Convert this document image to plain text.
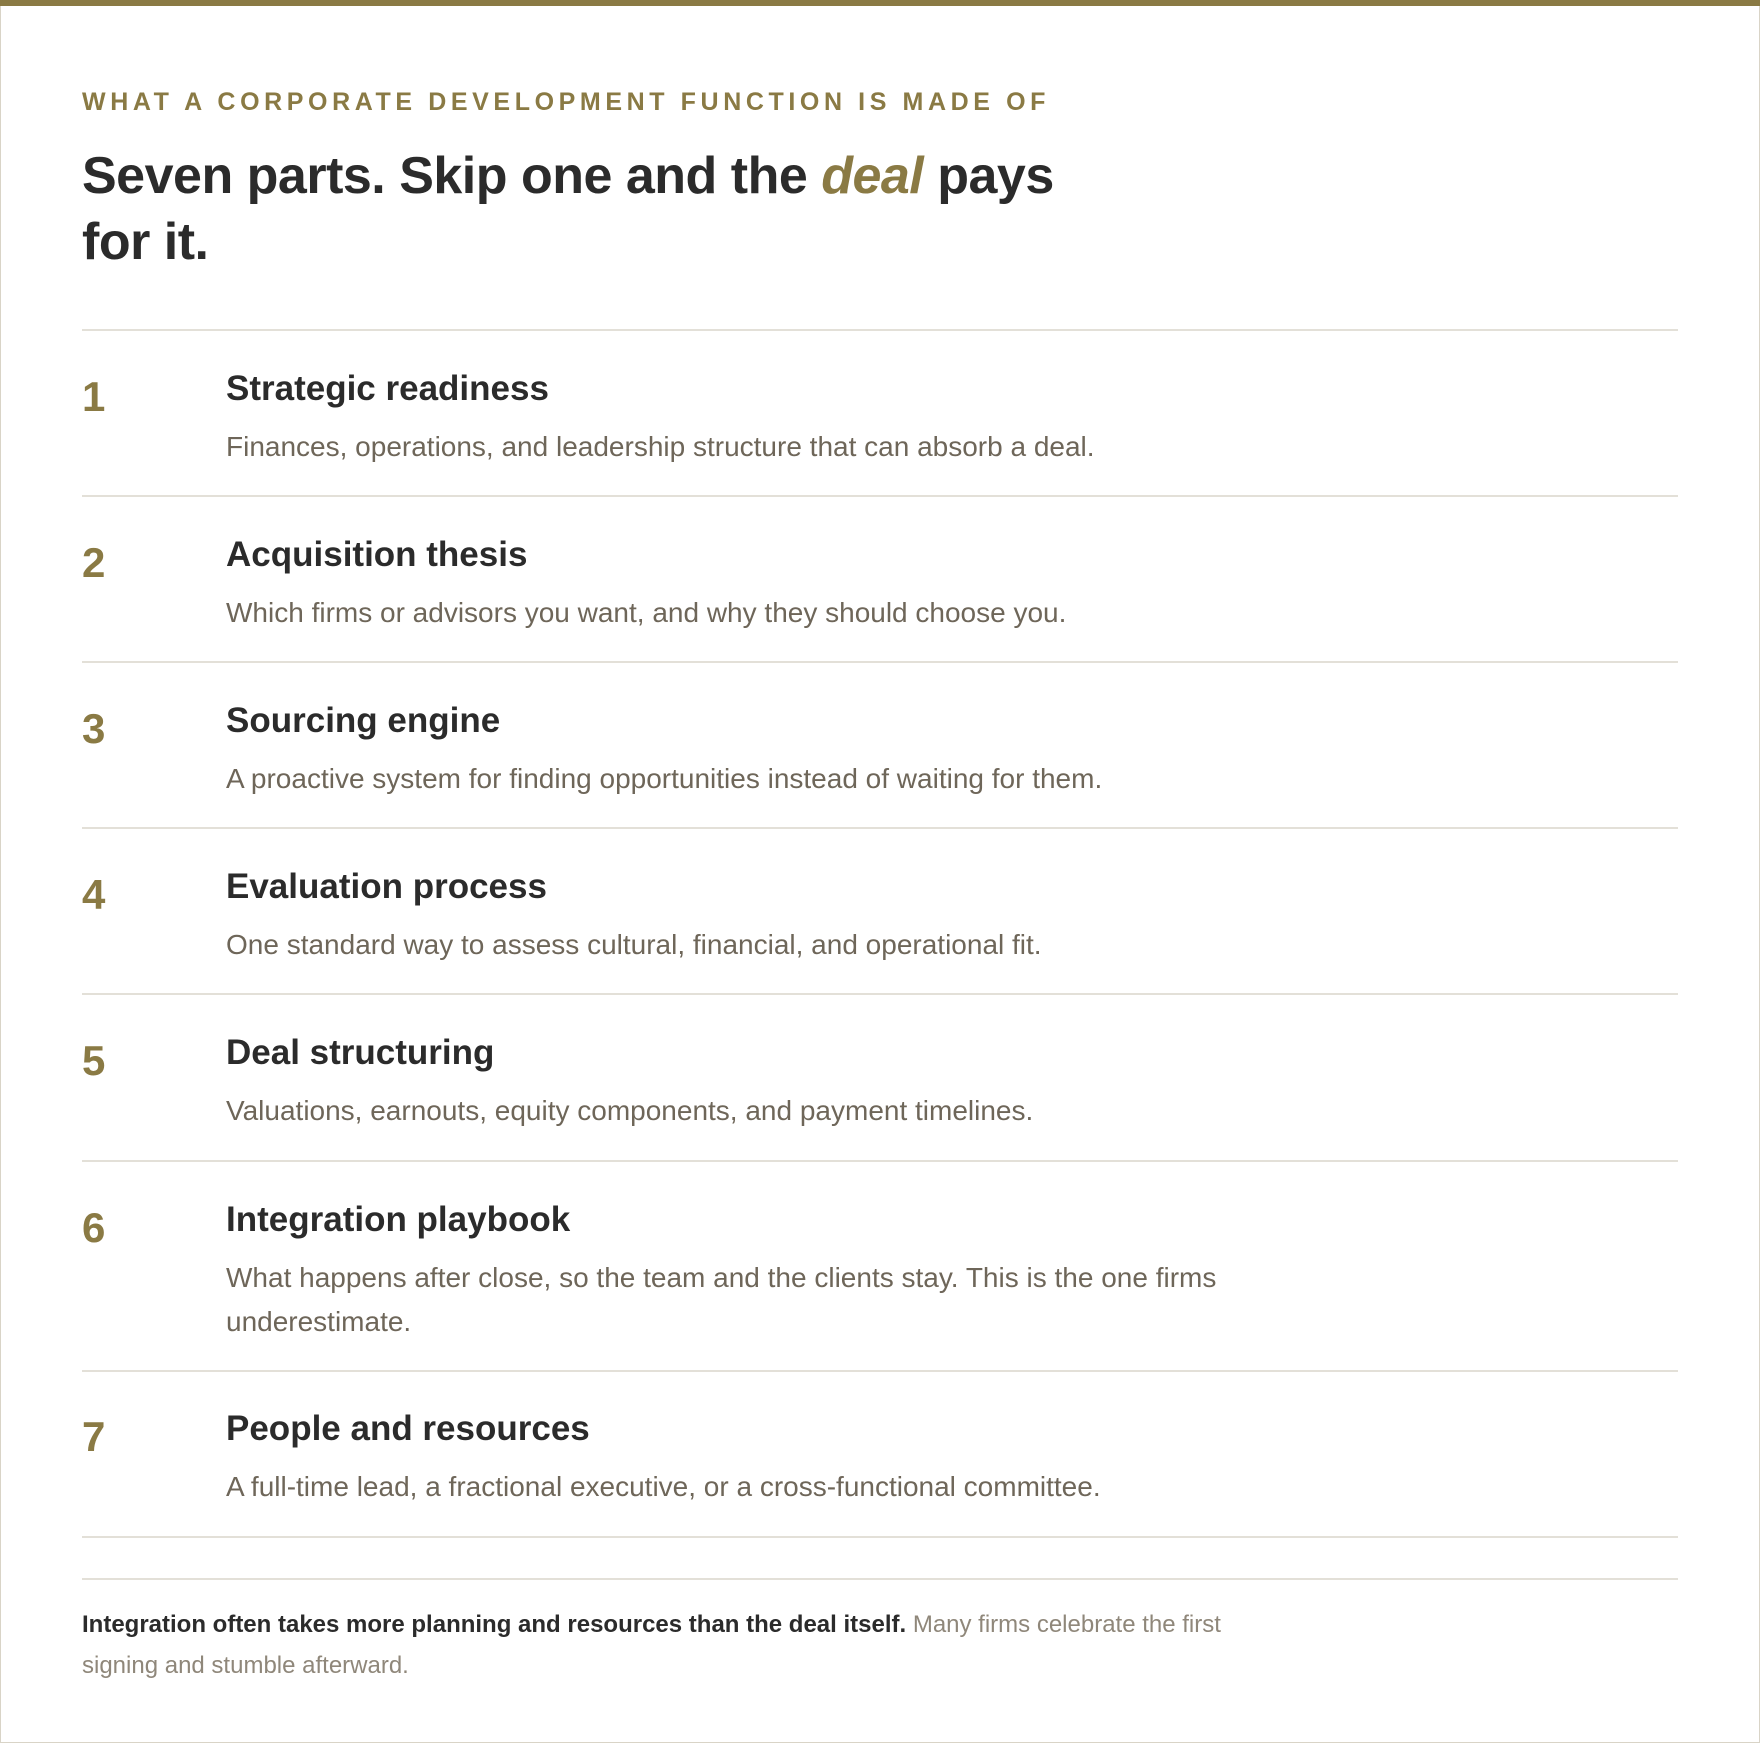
WHAT A CORPORATE DEVELOPMENT FUNCTION IS MADE OF
Seven parts. Skip one and the deal pays for it.
1	Strategic readiness
Finances, operations, and leadership structure that can absorb a deal.
2	Acquisition thesis
Which firms or advisors you want, and why they should choose you.
3	Sourcing engine
A proactive system for finding opportunities instead of waiting for them.
4	Evaluation process
One standard way to assess cultural, financial, and operational fit.
5	Deal structuring
Valuations, earnouts, equity components, and payment timelines.
6	Integration playbook
What happens after close, so the team and the clients stay. This is the one firms underestimate.
7	People and resources
A full-time lead, a fractional executive, or a cross-functional committee.
Integration often takes more planning and resources than the deal itself. Many firms celebrate the first signing and stumble afterward.
